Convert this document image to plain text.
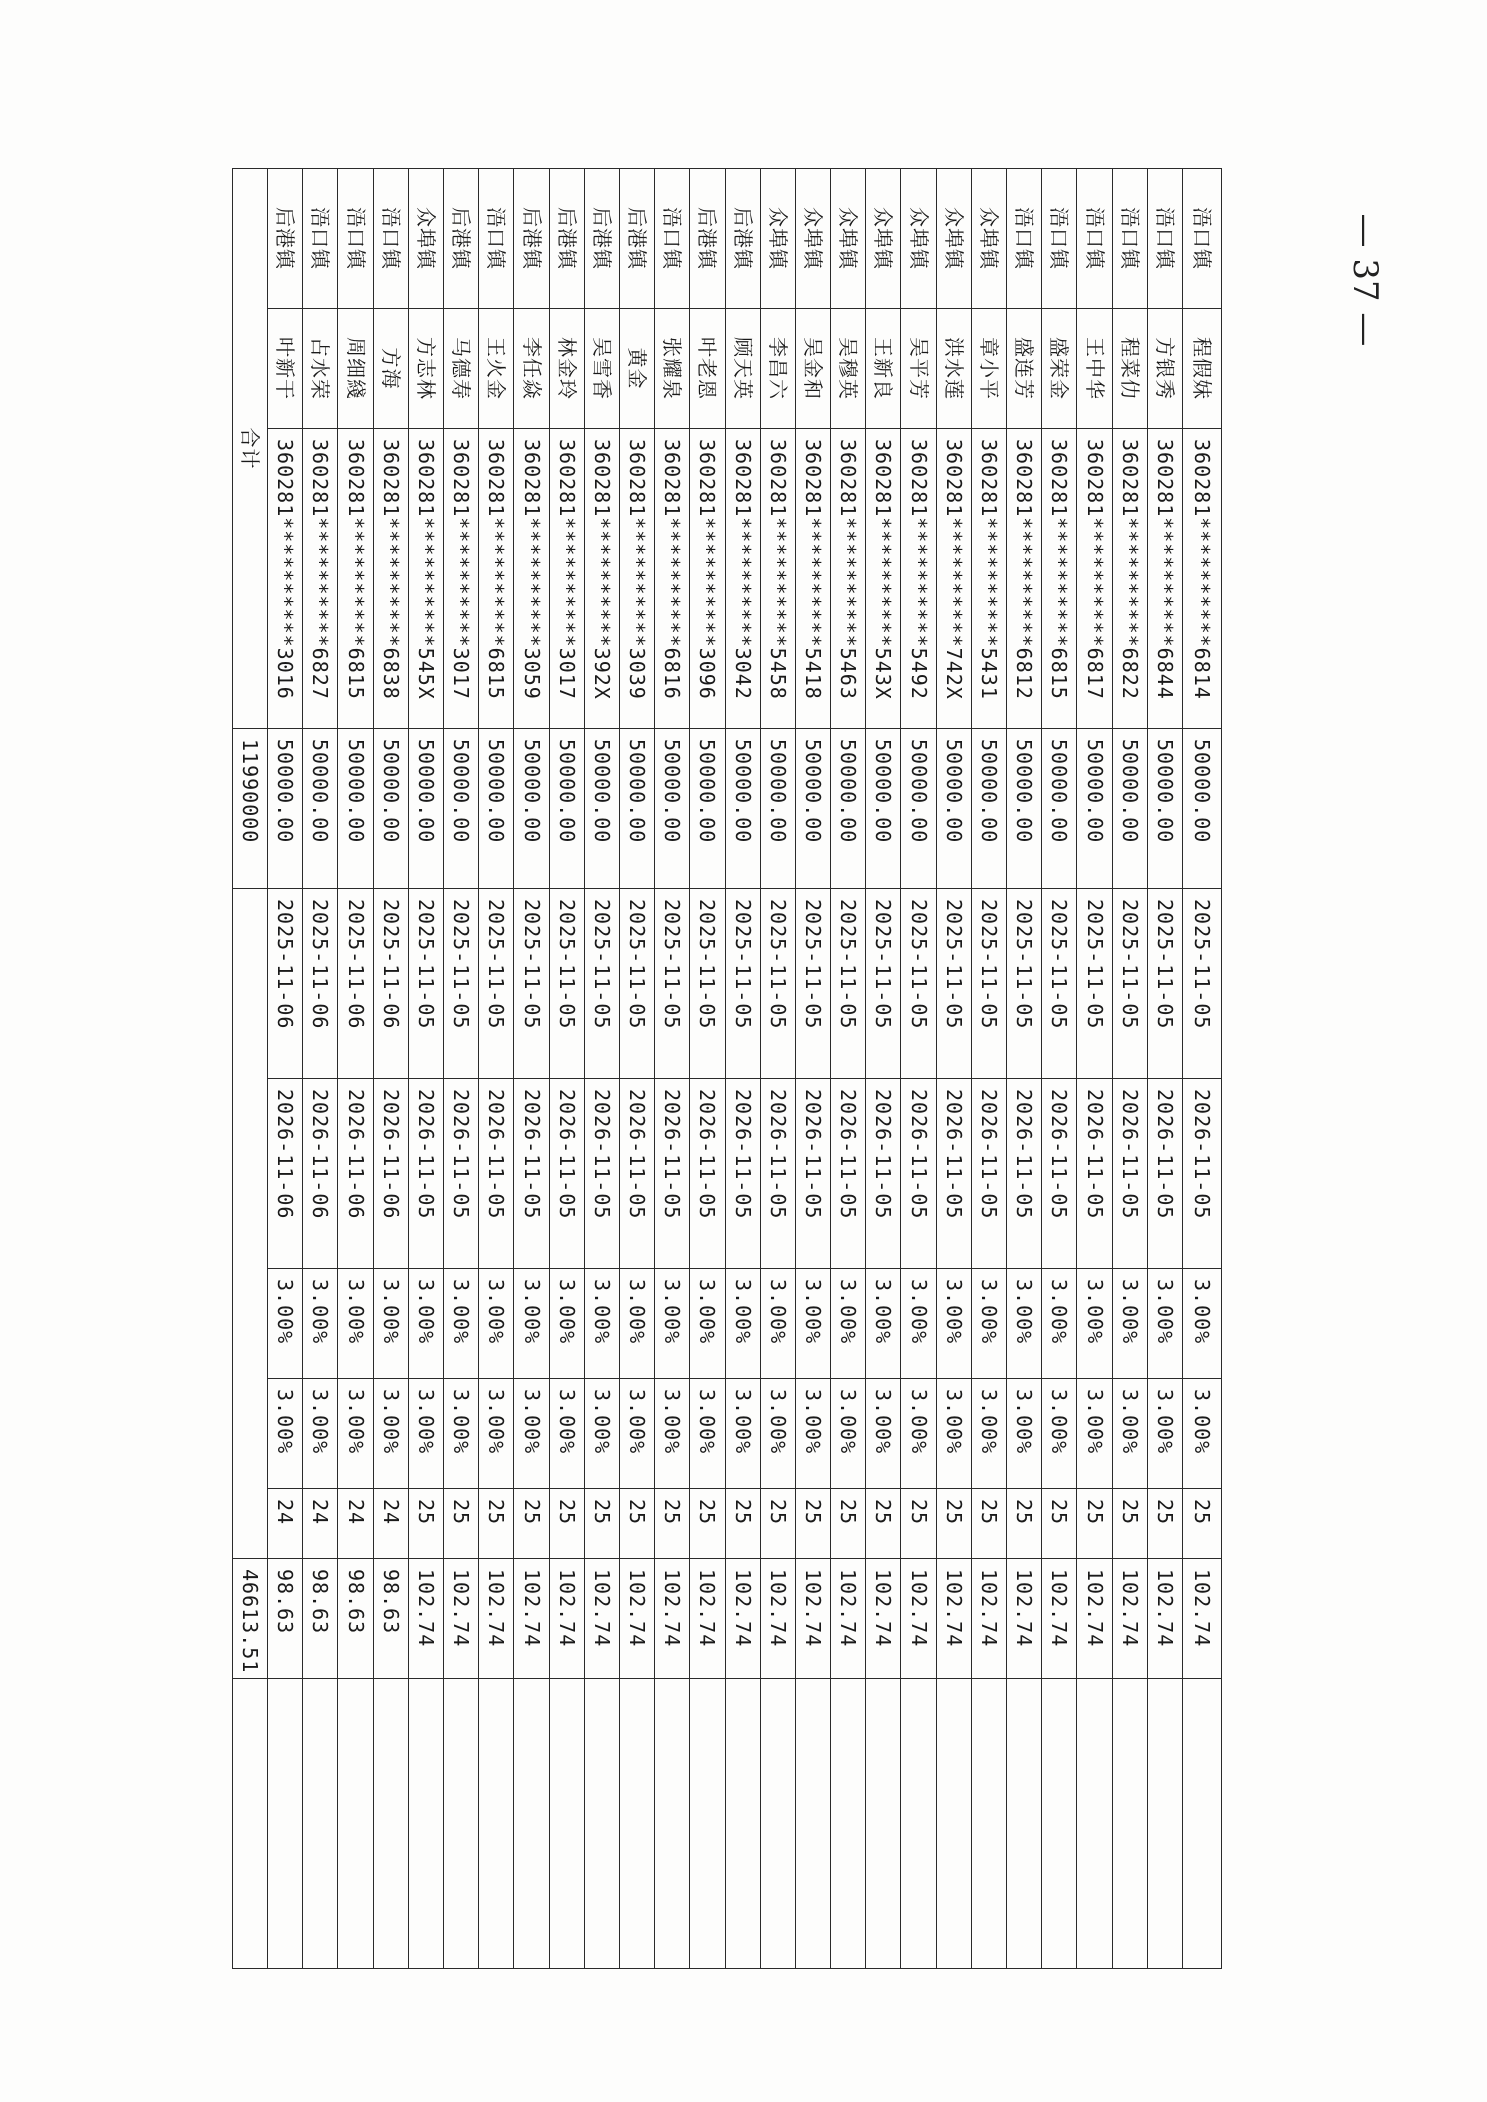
浯口镇	程假妹	360281**********6814	50000.00	2025-11-05	2026-11-05	3.00%	3.00%	25	102.74	
浯口镇	方银秀	360281**********6844	50000.00	2025-11-05	2026-11-05	3.00%	3.00%	25	102.74	
浯口镇	程菜仂	360281**********6822	50000.00	2025-11-05	2026-11-05	3.00%	3.00%	25	102.74	
浯口镇	王中华	360281**********6817	50000.00	2025-11-05	2026-11-05	3.00%	3.00%	25	102.74	
浯口镇	盛荣金	360281**********6815	50000.00	2025-11-05	2026-11-05	3.00%	3.00%	25	102.74	
浯口镇	盛连芳	360281**********6812	50000.00	2025-11-05	2026-11-05	3.00%	3.00%	25	102.74	
众埠镇	章小平	360281**********5431	50000.00	2025-11-05	2026-11-05	3.00%	3.00%	25	102.74	
众埠镇	洪水莲	360281**********742X	50000.00	2025-11-05	2026-11-05	3.00%	3.00%	25	102.74	
众埠镇	吴平芳	360281**********5492	50000.00	2025-11-05	2026-11-05	3.00%	3.00%	25	102.74	
众埠镇	王新良	360281**********543X	50000.00	2025-11-05	2026-11-05	3.00%	3.00%	25	102.74	
众埠镇	吴穆英	360281**********5463	50000.00	2025-11-05	2026-11-05	3.00%	3.00%	25	102.74	
众埠镇	吴金和	360281**********5418	50000.00	2025-11-05	2026-11-05	3.00%	3.00%	25	102.74	
众埠镇	李昌六	360281**********5458	50000.00	2025-11-05	2026-11-05	3.00%	3.00%	25	102.74	
后港镇	顾天英	360281**********3042	50000.00	2025-11-05	2026-11-05	3.00%	3.00%	25	102.74	
后港镇	叶老恩	360281**********3096	50000.00	2025-11-05	2026-11-05	3.00%	3.00%	25	102.74	
浯口镇	张耀泉	360281**********6816	50000.00	2025-11-05	2026-11-05	3.00%	3.00%	25	102.74	
后港镇	黄金	360281**********3039	50000.00	2025-11-05	2026-11-05	3.00%	3.00%	25	102.74	
后港镇	吴雪香	360281**********392X	50000.00	2025-11-05	2026-11-05	3.00%	3.00%	25	102.74	
后港镇	林金玲	360281**********3017	50000.00	2025-11-05	2026-11-05	3.00%	3.00%	25	102.74	
后港镇	李任焱	360281**********3059	50000.00	2025-11-05	2026-11-05	3.00%	3.00%	25	102.74	
浯口镇	王火金	360281**********6815	50000.00	2025-11-05	2026-11-05	3.00%	3.00%	25	102.74	
后港镇	马德寿	360281**********3017	50000.00	2025-11-05	2026-11-05	3.00%	3.00%	25	102.74	
众埠镇	方志林	360281**********545X	50000.00	2025-11-05	2026-11-05	3.00%	3.00%	25	102.74	
浯口镇	方海	360281**********6838	50000.00	2025-11-06	2026-11-06	3.00%	3.00%	24	98.63	
浯口镇	周细綫	360281**********6815	50000.00	2025-11-06	2026-11-06	3.00%	3.00%	24	98.63	
浯口镇	占水荣	360281**********6827	50000.00	2025-11-06	2026-11-06	3.00%	3.00%	24	98.63	
后港镇	叶新干	360281**********3016	50000.00	2025-11-06	2026-11-06	3.00%	3.00%	24	98.63	
合计			11990000						46613.51	
— 37 —
